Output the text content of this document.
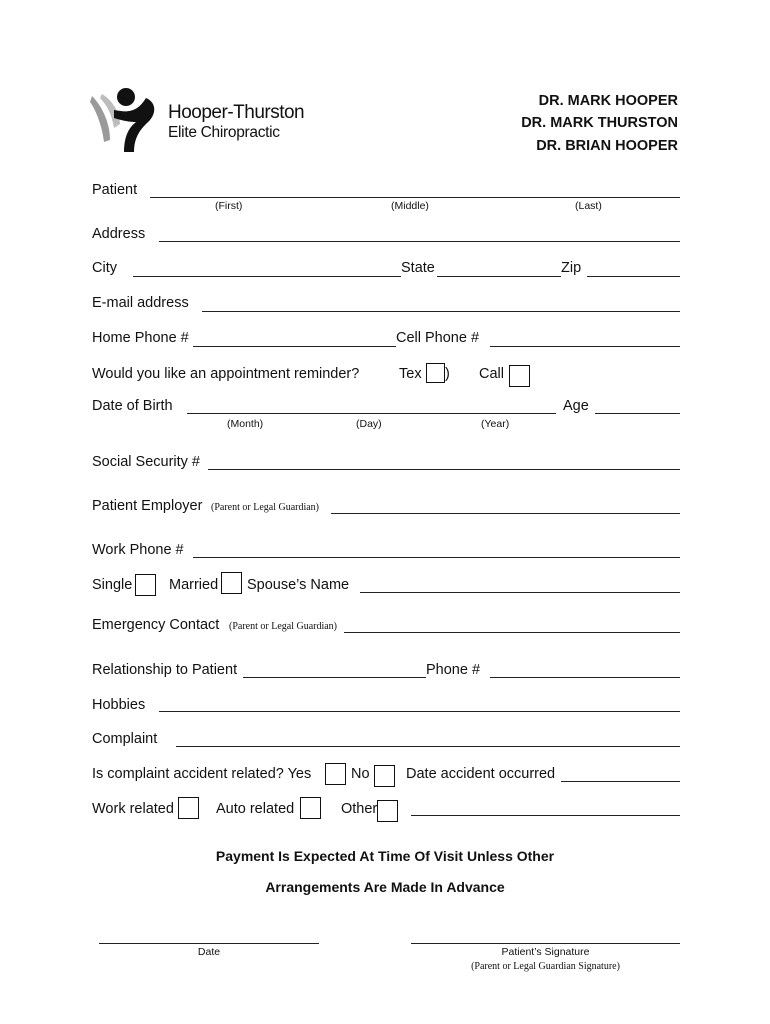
Hooper-Thurston
Elite Chiropractic
DR. MARK HOOPER
DR. MARK THURSTON
DR. BRIAN HOOPER
Patient
(First)	(Middle)	(Last)
Address
City	State	Zip
E-mail address
Home Phone #	Cell Phone #
Would you like an appointment reminder?	Tex ) Call
Date of Birth	Age
(Month)	(Day)	(Year)
Social Security #
Patient Employer (Parent or Legal Guardian)
Work Phone #
Single	Married Spouse’s Name
Emergency Contact (Parent or Legal Guardian)
Relationship to Patient	Phone #
Hobbies
Complaint
Is complaint accident related? Yes	No	Date accident occurred
Work related	Auto related	Other
Payment Is Expected At Time Of Visit Unless Other
Arrangements Are Made In Advance
Date	Patient’s Signature
(Parent or Legal Guardian Signature)
